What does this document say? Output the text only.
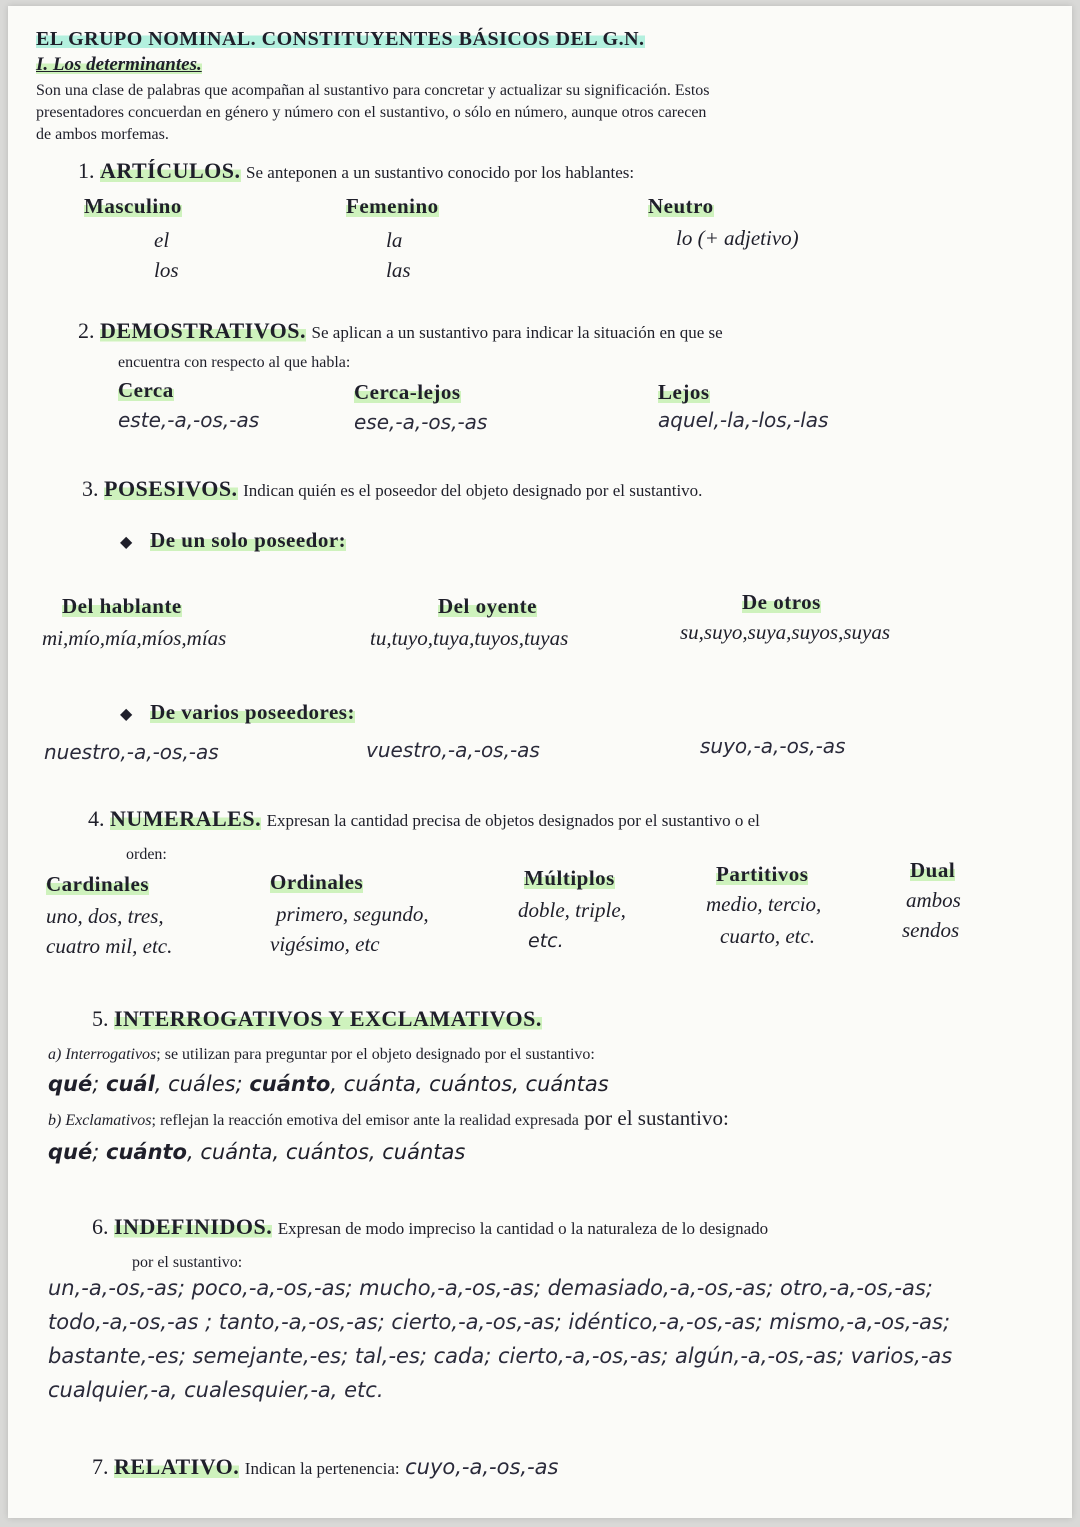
EL GRUPO NOMINAL. CONSTITUYENTES BÁSICOS DEL G.N.
I. Los determinantes.
Son una clase de palabras que acompañan al sustantivo para concretar y actualizar su significación. Estos
presentadores concuerdan en género y número con el sustantivo, o sólo en número, aunque otros carecen
de ambos morfemas.
1. ARTÍCULOS. Se anteponen a un sustantivo conocido por los hablantes:
Masculino
el
los
Femenino
la
las
Neutro
lo (+ adjetivo)
2. DEMOSTRATIVOS. Se aplican a un sustantivo para indicar la situación en que se
encuentra con respecto al que habla:
Cerca
este,-a,-os,-as
Cerca-lejos
ese,-a,-os,-as
Lejos
aquel,-la,-los,-las
3. POSESIVOS. Indican quién es el poseedor del objeto designado por el sustantivo.
◆ De un solo poseedor:
Del hablante
mi,mío,mía,míos,mías
Del oyente
tu,tuyo,tuya,tuyos,tuyas
De otros
su,suyo,suya,suyos,suyas
◆ De varios poseedores:
nuestro,-a,-os,-as	vuestro,-a,-os,-as	suyo,-a,-os,-as
4. NUMERALES. Expresan la cantidad precisa de objetos designados por el sustantivo o el
orden:
Cardinales
uno, dos, tres,
cuatro mil, etc.
Ordinales
primero, segundo,
vigésimo, etc
Múltiplos
doble, triple,
etc.
Partitivos
medio, tercio,
cuarto, etc.
Dual
ambos
sendos
5. INTERROGATIVOS Y EXCLAMATIVOS.
a) Interrogativos; se utilizan para preguntar por el objeto designado por el sustantivo:
qué; cuál, cuáles; cuánto, cuánta, cuántos, cuántas
b) Exclamativos; reflejan la reacción emotiva del emisor ante la realidad expresada por el sustantivo:
qué; cuánto, cuánta, cuántos, cuántas
6. INDEFINIDOS. Expresan de modo impreciso la cantidad o la naturaleza de lo designado
por el sustantivo:
un,-a,-os,-as; poco,-a,-os,-as; mucho,-a,-os,-as; demasiado,-a,-os,-as; otro,-a,-os,-as;
todo,-a,-os,-as ; tanto,-a,-os,-as; cierto,-a,-os,-as; idéntico,-a,-os,-as; mismo,-a,-os,-as;
bastante,-es; semejante,-es; tal,-es; cada; cierto,-a,-os,-as; algún,-a,-os,-as; varios,-as
cualquier,-a, cualesquier,-a, etc.
7. RELATIVO. Indican la pertenencia: cuyo,-a,-os,-as
